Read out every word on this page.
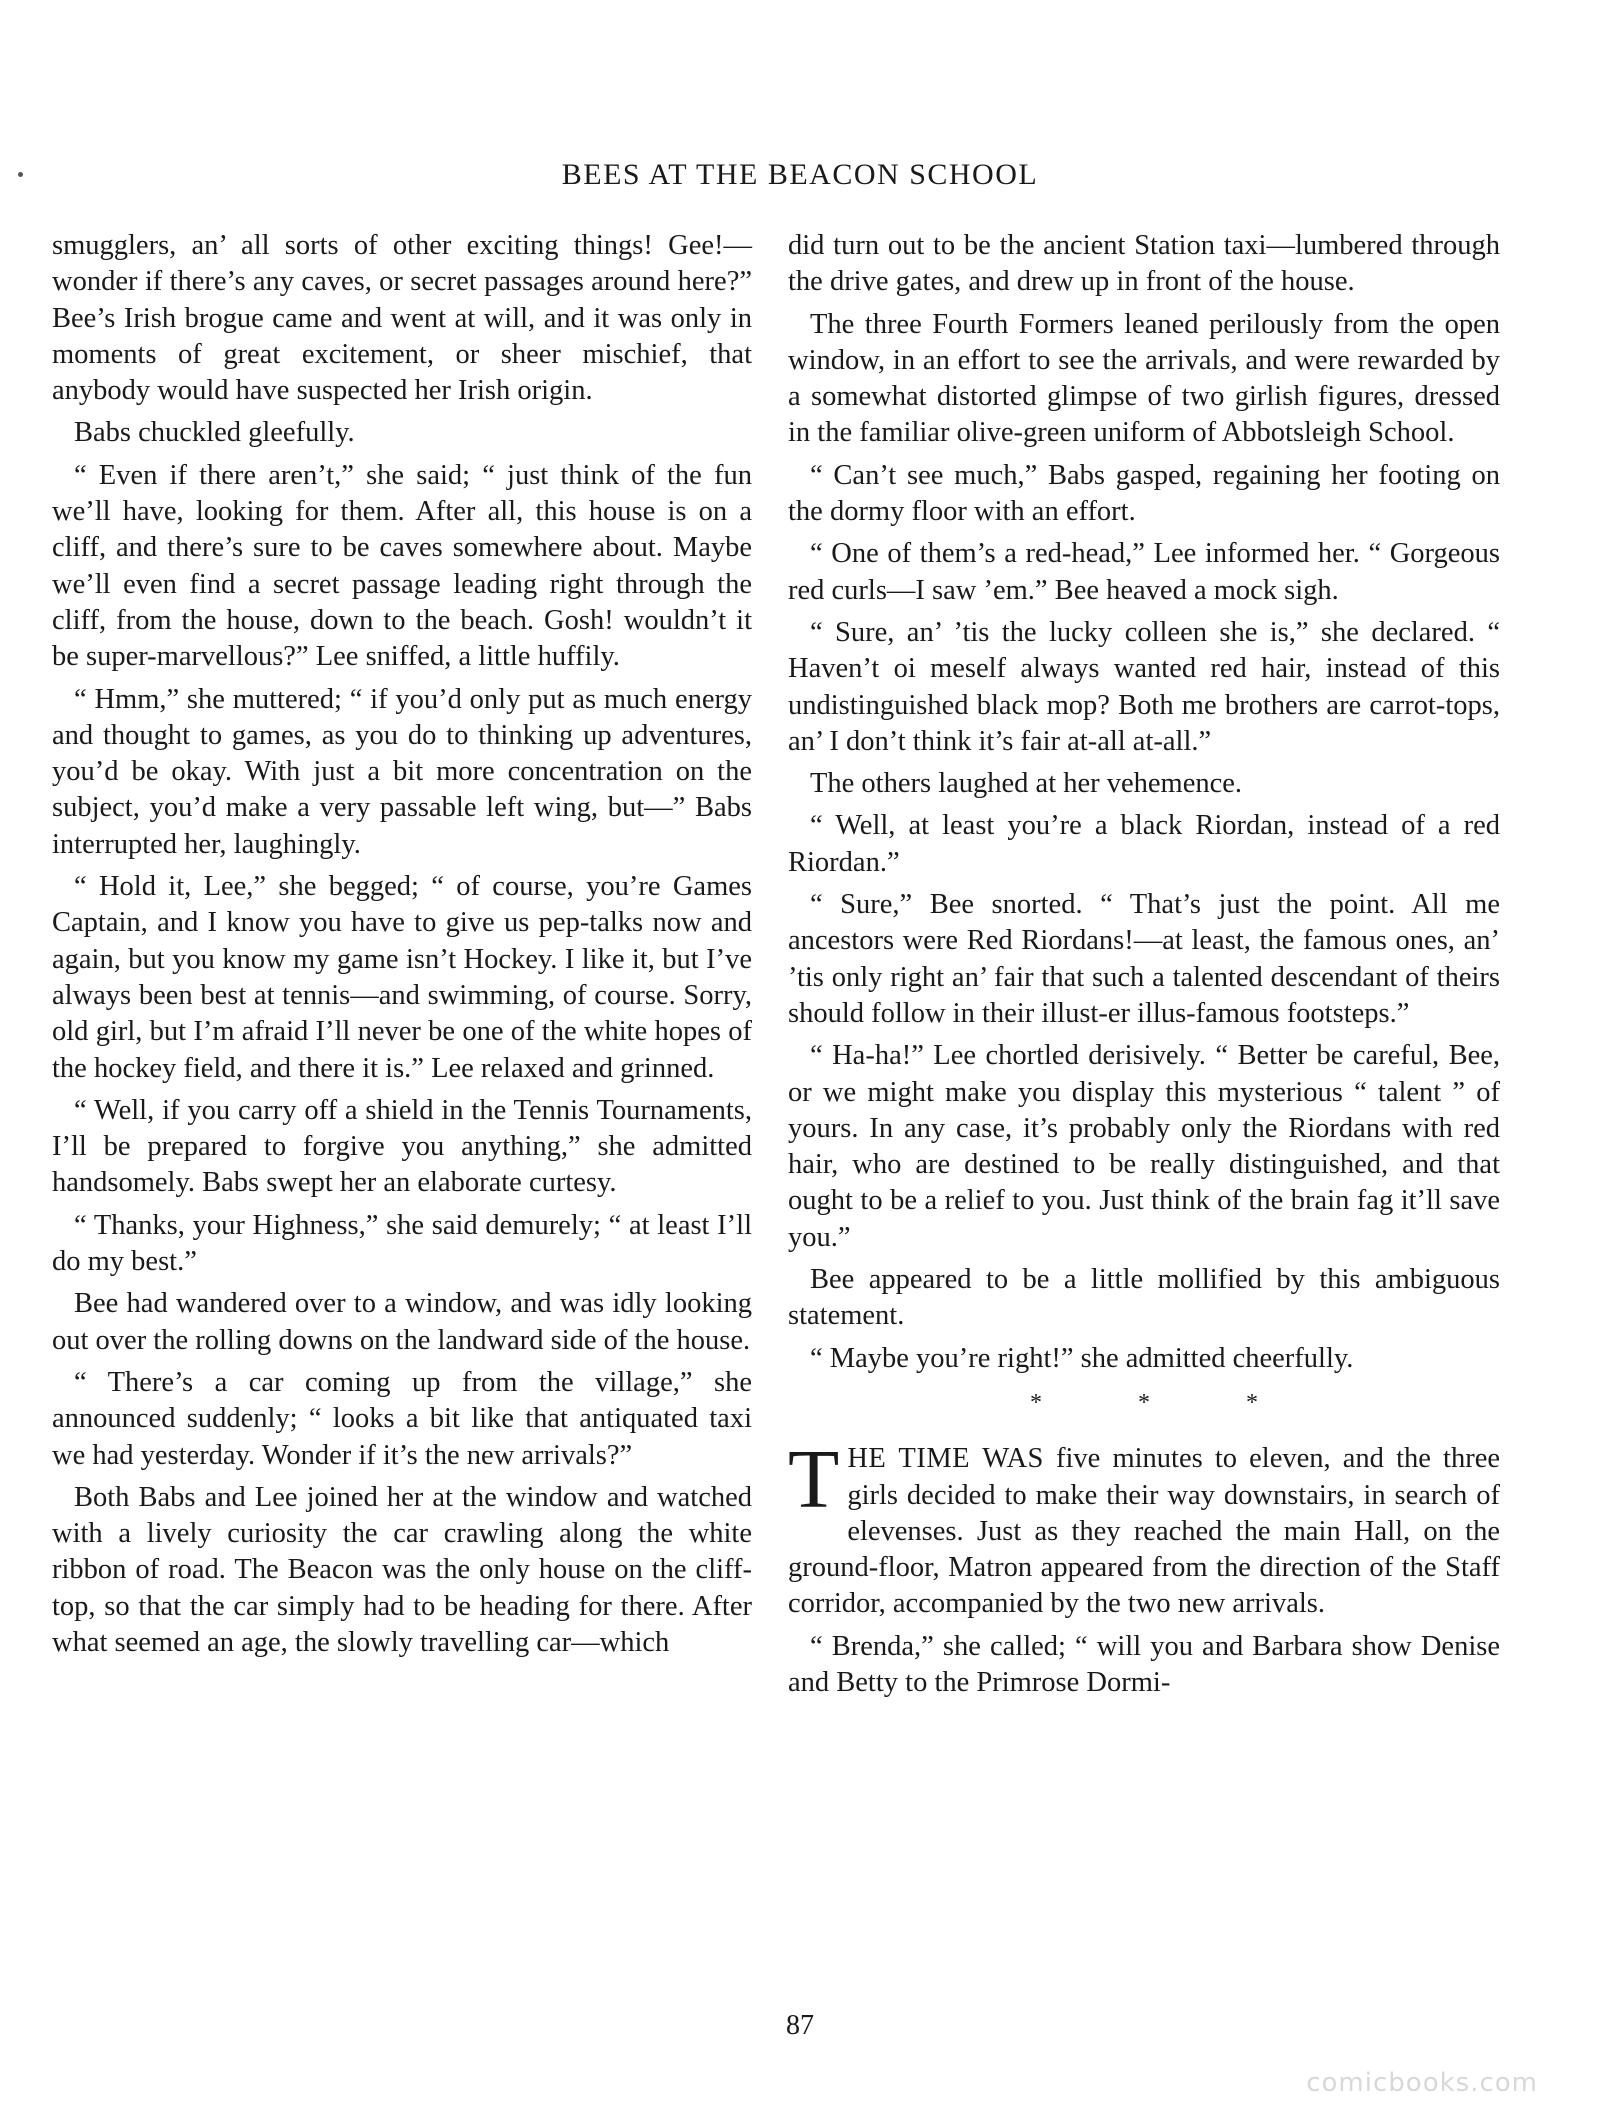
BEES AT THE BEACON SCHOOL

smugglers, an’ all sorts of other exciting things! Gee!—wonder if there’s any caves, or secret passages around here?” Bee’s Irish brogue came and went at will, and it was only in moments of great excitement, or sheer mischief, that anybody would have suspected her Irish origin.

Babs chuckled gleefully.

“ Even if there aren’t,” she said; “ just think of the fun we’ll have, looking for them. After all, this house is on a cliff, and there’s sure to be caves somewhere about. Maybe we’ll even find a secret passage leading right through the cliff, from the house, down to the beach. Gosh! wouldn’t it be super-marvellous?” Lee sniffed, a little huffily.

“ Hmm,” she muttered; “ if you’d only put as much energy and thought to games, as you do to thinking up adventures, you’d be okay. With just a bit more concentration on the subject, you’d make a very passable left wing, but—” Babs interrupted her, laughingly.

“ Hold it, Lee,” she begged; “ of course, you’re Games Captain, and I know you have to give us pep-talks now and again, but you know my game isn’t Hockey. I like it, but I’ve always been best at tennis—and swimming, of course. Sorry, old girl, but I’m afraid I’ll never be one of the white hopes of the hockey field, and there it is.” Lee relaxed and grinned.

“ Well, if you carry off a shield in the Tennis Tournaments, I’ll be prepared to forgive you anything,” she admitted handsomely. Babs swept her an elaborate curtesy.

“ Thanks, your Highness,” she said demurely; “ at least I’ll do my best.”

Bee had wandered over to a window, and was idly looking out over the rolling downs on the landward side of the house.

“ There’s a car coming up from the village,” she announced suddenly; “ looks a bit like that antiquated taxi we had yesterday. Wonder if it’s the new arrivals?”

Both Babs and Lee joined her at the window and watched with a lively curiosity the car crawling along the white ribbon of road. The Beacon was the only house on the cliff-top, so that the car simply had to be heading for there. After what seemed an age, the slowly travelling car—which

did turn out to be the ancient Station taxi—lumbered through the drive gates, and drew up in front of the house.

The three Fourth Formers leaned perilously from the open window, in an effort to see the arrivals, and were rewarded by a somewhat distorted glimpse of two girlish figures, dressed in the familiar olive-green uniform of Abbotsleigh School.

“ Can’t see much,” Babs gasped, regaining her footing on the dormy floor with an effort.

“ One of them’s a red-head,” Lee informed her. “ Gorgeous red curls—I saw ’em.” Bee heaved a mock sigh.

“ Sure, an’ ’tis the lucky colleen she is,” she declared. “ Haven’t oi meself always wanted red hair, instead of this undistinguished black mop? Both me brothers are carrot-tops, an’ I don’t think it’s fair at-all at-all.”

The others laughed at her vehemence.

“ Well, at least you’re a black Riordan, instead of a red Riordan.”

“ Sure,” Bee snorted. “ That’s just the point. All me ancestors were Red Riordans!—at least, the famous ones, an’ ’tis only right an’ fair that such a talented descendant of theirs should follow in their illust-er illus-famous footsteps.”

“ Ha-ha!” Lee chortled derisively. “ Better be careful, Bee, or we might make you display this mysterious “ talent ” of yours. In any case, it’s probably only the Riordans with red hair, who are destined to be really distinguished, and that ought to be a relief to you. Just think of the brain fag it’ll save you.”

Bee appeared to be a little mollified by this ambiguous statement.

“ Maybe you’re right!” she admitted cheerfully.

* * *

THE TIME WAS five minutes to eleven, and the three girls decided to make their way downstairs, in search of elevenses. Just as they reached the main Hall, on the ground-floor, Matron appeared from the direction of the Staff corridor, accompanied by the two new arrivals.

“ Brenda,” she called; “ will you and Barbara show Denise and Betty to the Primrose Dormi-

87
comicbooks.com
